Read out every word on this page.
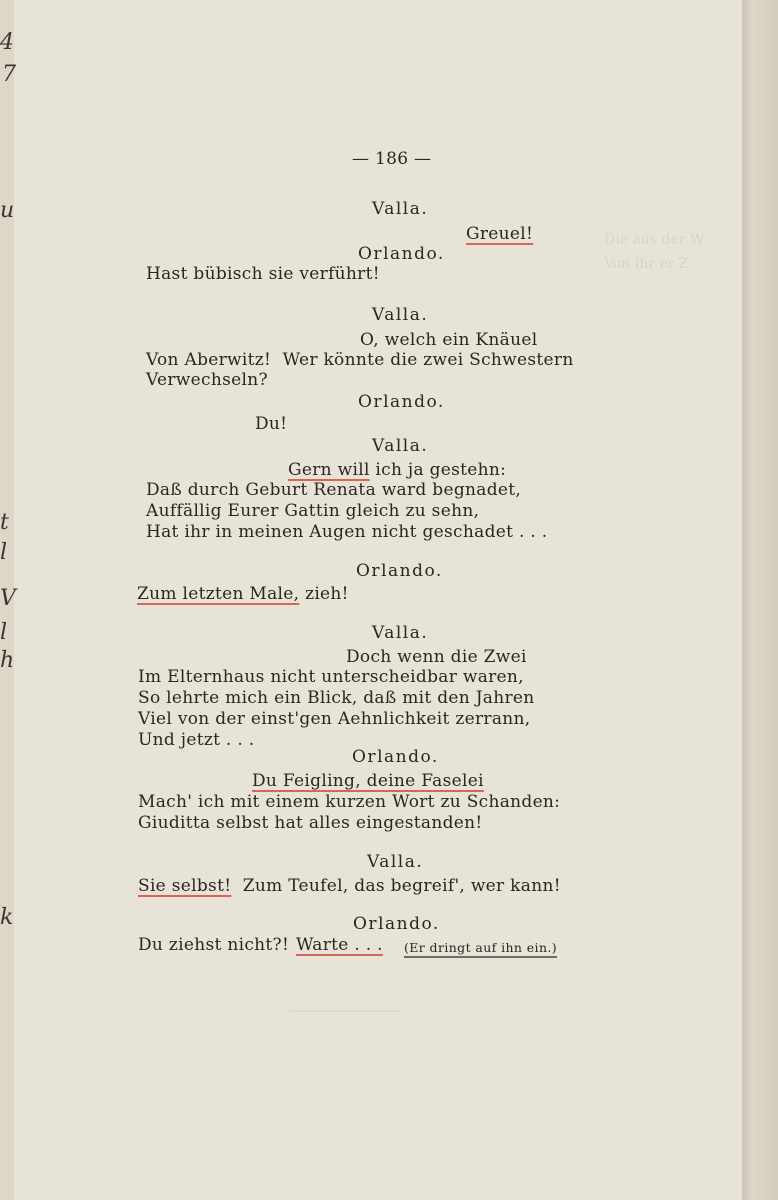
Die aus der W
Von ihr er Z
─────────────
4
7
u
t
V
h
l
l
k
— 186 —
Valla.
Greuel!
Orlando.
Hast bübisch sie verführt!
Valla.
O, welch ein Knäuel
Von Aberwitz!  Wer könnte die zwei Schwestern
Verwechseln?
Orlando.
Du!
Valla.
Gern will ich ja gestehn:
Daß durch Geburt Renata ward begnadet,
Auffällig Eurer Gattin gleich zu sehn,
Hat ihr in meinen Augen nicht geschadet . . .
Orlando.
Zum letzten Male, zieh!
Valla.
Doch wenn die Zwei
Im Elternhaus nicht unterscheidbar waren,
So lehrte mich ein Blick, daß mit den Jahren
Viel von der einst'gen Aehnlichkeit zerrann,
Und jetzt . . .
Orlando.
Du Feigling, deine Faselei
Mach' ich mit einem kurzen Wort zu Schanden:
Giuditta selbst hat alles eingestanden!
Valla.
Sie selbst!  Zum Teufel, das begreif', wer kann!
Orlando.
Du ziehst nicht?! Warte . . . (Er dringt auf ihn ein.)
